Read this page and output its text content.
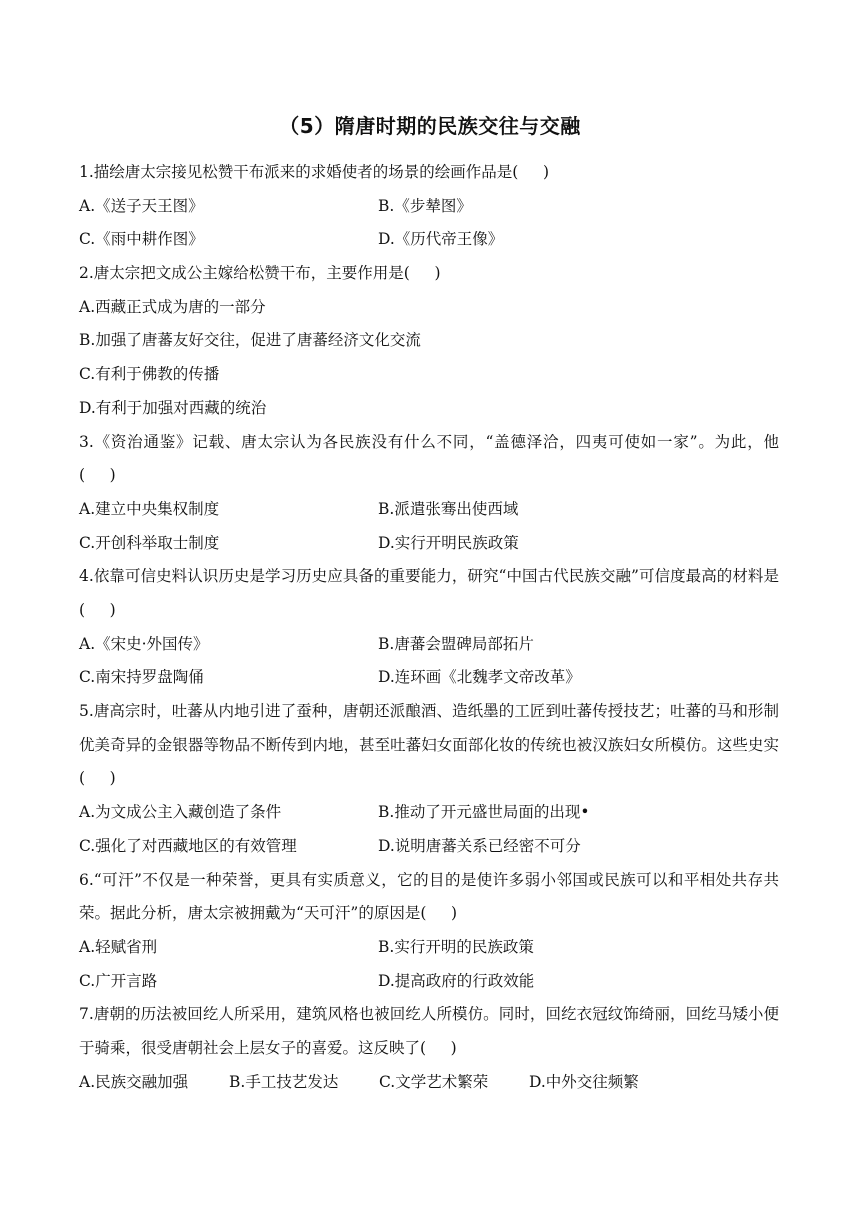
（5）隋唐时期的民族交往与交融
1.描绘唐太宗接见松赞干布派来的求婚使者的场景的绘画作品是(     )
A.《送子天王图》	B.《步辇图》
C.《雨中耕作图》	D.《历代帝王像》
2.唐太宗把文成公主嫁给松赞干布，主要作用是(     )
A.西藏正式成为唐的一部分
B.加强了唐蕃友好交往，促进了唐蕃经济文化交流
C.有利于佛教的传播
D.有利于加强对西藏的统治
3.《资治通鉴》记载、唐太宗认为各民族没有什么不同，“盖德泽洽，四夷可使如一家”。为此，他(     )
A.建立中央集权制度	B.派遣张骞出使西域
C.开创科举取士制度	D.实行开明民族政策
4.依靠可信史料认识历史是学习历史应具备的重要能力，研究“中国古代民族交融”可信度最高的材料是(     )
A.《宋史·外国传》	B.唐蕃会盟碑局部拓片
C.南宋持罗盘陶俑	D.连环画《北魏孝文帝改革》
5.唐高宗时，吐蕃从内地引进了蚕种，唐朝还派酿酒、造纸墨的工匠到吐蕃传授技艺；吐蕃的马和形制优美奇异的金银器等物品不断传到内地，甚至吐蕃妇女面部化妆的传统也被汉族妇女所模仿。这些史实(     )
A.为文成公主入藏创造了条件	B.推动了开元盛世局面的出现•
C.强化了对西藏地区的有效管理	D.说明唐蕃关系已经密不可分
6.“可汗”不仅是一种荣誉，更具有实质意义，它的目的是使许多弱小邻国或民族可以和平相处共存共荣。据此分析，唐太宗被拥戴为“天可汗”的原因是(     )
A.轻赋省刑	B.实行开明的民族政策
C.广开言路	D.提高政府的行政效能
7.唐朝的历法被回纥人所采用，建筑风格也被回纥人所模仿。同时，回纥衣冠纹饰绮丽，回纥马矮小便于骑乘，很受唐朝社会上层女子的喜爱。这反映了(     )
A.民族交融加强	B.手工技艺发达	C.文学艺术繁荣	D.中外交往频繁
